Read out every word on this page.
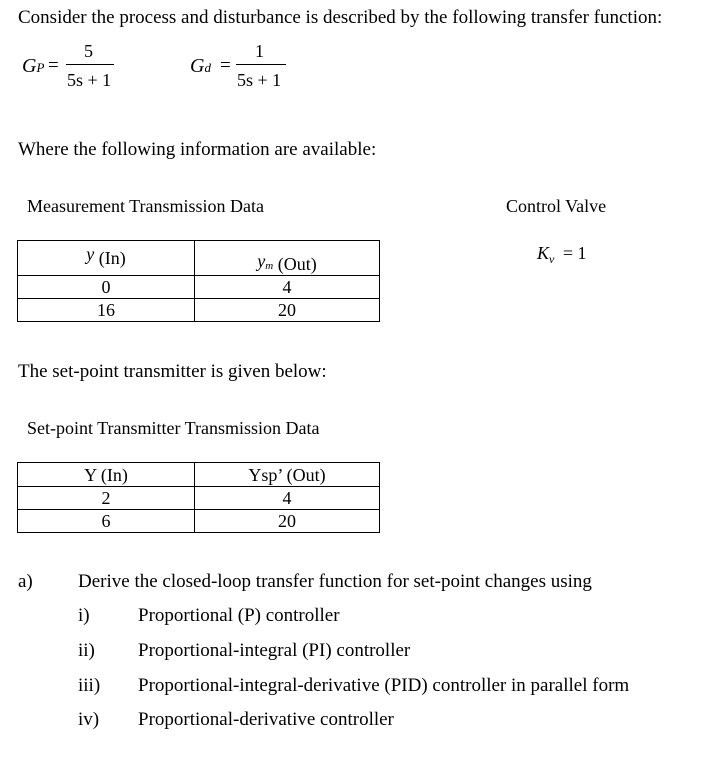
Consider the process and disturbance is described by the following transfer function:
GP =
5
5s + 1
Gd =
1
5s + 1
Where the following information are available:
Measurement Transmission Data	Control Valve
$K_v = 1$
y (In)	ym (Out)
0	4
16	20
The set-point transmitter is given below:
Set-point Transmitter Transmission Data
Y (In)	Ysp’ (Out)
2	4
6	20
a) Derive the closed-loop transfer function for set-point changes using
i)	Proportional (P) controller
ii) Proportional-integral (PI) controller
iii) Proportional-integral-derivative (PID) controller in parallel form
iv) Proportional-derivative controller
